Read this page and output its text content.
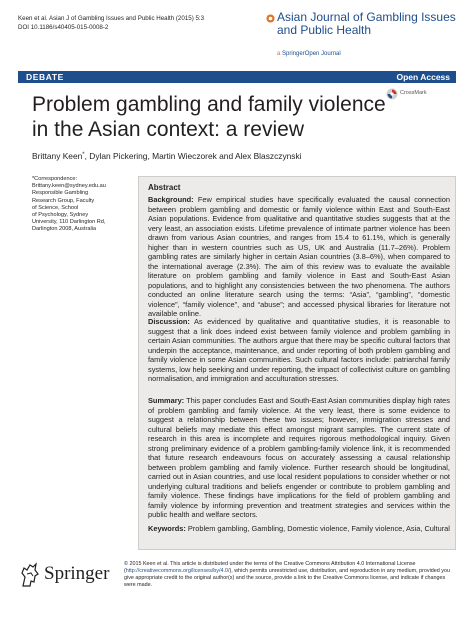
Keen et al. Asian J of Gambling Issues and Public Health (2015) 5:3
DOI 10.1186/s40405-015-0008-2
Asian Journal of Gambling Issues
and Public Health
a SpringerOpen Journal
DEBATE	Open Access
CrossMark
Problem gambling and family violence
in the Asian context: a review
Brittany Keen*, Dylan Pickering, Martin Wieczorek and Alex Blaszczynski
*Correspondence:
Brittany.keen@sydney.edu.au
Responsible Gambling
Research Group, Faculty
of Science, School
of Psychology, Sydney
University, 110 Darlington Rd,
Darlington 2008, Australia
Abstract

Background: Few empirical studies have specifically evaluated the causal connection between problem gambling and domestic or family violence within East and South-East Asian populations. Evidence from qualitative and quantitative studies suggests that at the very least, an association exists. Lifetime prevalence of intimate partner violence has been drawn from various Asian countries, and ranges from 15.4 to 61.1%, which is generally higher than in western countries such as US, UK and Australia (11.7–26%). Problem gambling rates are similarly higher in certain Asian countries (3.8–6%), when compared to the international average (2.3%). The aim of this review was to evaluate the available literature on problem gambling and family violence in East and South-East Asian populations, and to highlight any consistencies between the two phenomena. The authors conducted an online literature search using the terms: “Asia”, “gambling”, “domestic violence”, “family violence”, and “abuse”; and accessed physical libraries for literature not available online.

Discussion: As evidenced by qualitative and quantitative studies, it is reasonable to suggest that a link does indeed exist between family violence and problem gambling in certain Asian communities. The authors argue that there may be specific cultural factors that underpin the acceptance, maintenance, and under reporting of both problem gambling and family violence in some Asian communities. Such cultural factors include: patriarchal family systems, low help seeking and under reporting, the impact of collectivist culture on gambling normalisation, and immigration and acculturation stresses.

Summary: This paper concludes East and South-East Asian communities display high rates of problem gambling and family violence. At the very least, there is some evidence to suggest a relationship between these two issues; however, immigration stresses and cultural beliefs may mediate this effect amongst migrant samples. The current state of research in this area is incomplete and requires rigorous methodological inquiry. Given strong preliminary evidence of a problem gambling-family violence link, it is recommended that future research endeavours focus on accurately assessing a causal relationship between problem gambling and family violence. Further research should be longitudinal, carried out in Asian countries, and use local resident populations to consider whether or not underlying cultural traditions and beliefs engender or contribute to problem gambling and family violence. These findings have implications for the field of problem gambling and family violence by informing prevention and treatment strategies and services within the public health and welfare sectors.

Keywords: Problem gambling, Gambling, Domestic violence, Family violence, Asia, Cultural

Springer	© 2015 Keen et al. This article is distributed under the terms of the Creative Commons Attribution 4.0 International License (http://creativecommons.org/licenses/by/4.0/), which permits unrestricted use, distribution, and reproduction in any medium, provided you give appropriate credit to the original author(s) and the source, provide a link to the Creative Commons license, and indicate if changes were made.
